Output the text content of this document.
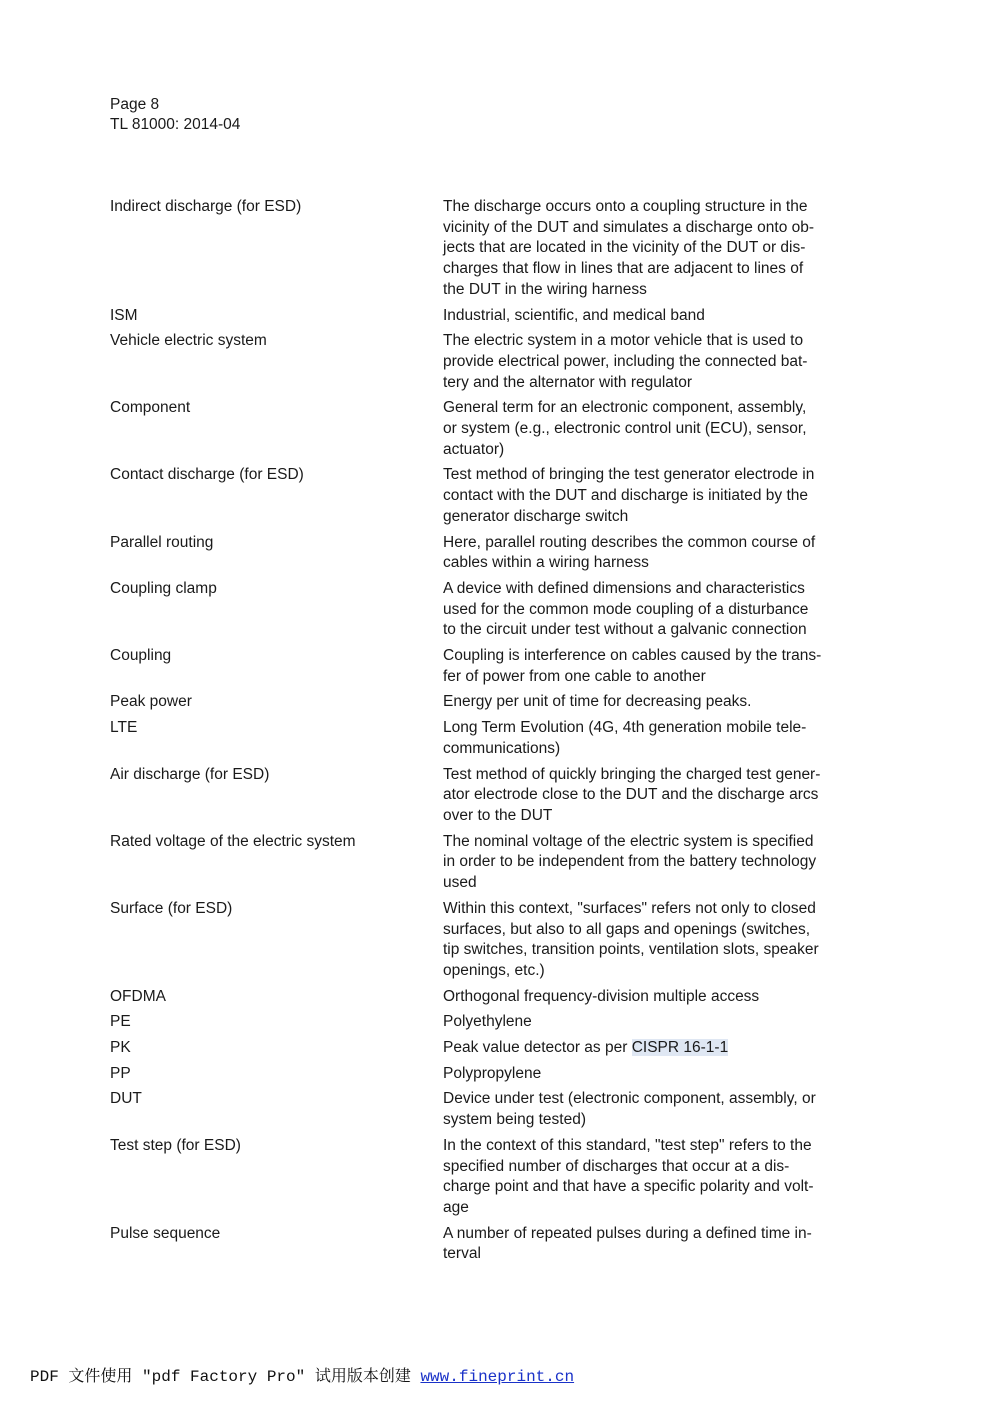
Page 8
TL 81000: 2014-04
Indirect discharge (for ESD)	The discharge occurs onto a coupling structure in the
vicinity of the DUT and simulates a discharge onto ob-
jects that are located in the vicinity of the DUT or dis-
charges that flow in lines that are adjacent to lines of
the DUT in the wiring harness
ISM	Industrial, scientific, and medical band
Vehicle electric system	The electric system in a motor vehicle that is used to
provide electrical power, including the connected bat-
tery and the alternator with regulator
Component	General term for an electronic component, assembly,
or system (e.g., electronic control unit (ECU), sensor,
actuator)
Contact discharge (for ESD)	Test method of bringing the test generator electrode in
contact with the DUT and discharge is initiated by the
generator discharge switch
Parallel routing	Here, parallel routing describes the common course of
cables within a wiring harness
Coupling clamp	A device with defined dimensions and characteristics
used for the common mode coupling of a disturbance
to the circuit under test without a galvanic connection
Coupling	Coupling is interference on cables caused by the trans-
fer of power from one cable to another
Peak power	Energy per unit of time for decreasing peaks.
LTE	Long Term Evolution (4G, 4th generation mobile tele-
communications)
Air discharge (for ESD)	Test method of quickly bringing the charged test gener-
ator electrode close to the DUT and the discharge arcs
over to the DUT
Rated voltage of the electric system	The nominal voltage of the electric system is specified
in order to be independent from the battery technology
used
Surface (for ESD)	Within this context, "surfaces" refers not only to closed
surfaces, but also to all gaps and openings (switches,
tip switches, transition points, ventilation slots, speaker
openings, etc.)
OFDMA	Orthogonal frequency-division multiple access
PE	Polyethylene
PK	Peak value detector as per CISPR 16-1-1
PP	Polypropylene
DUT	Device under test (electronic component, assembly, or
system being tested)
Test step (for ESD)	In the context of this standard, "test step" refers to the
specified number of discharges that occur at a dis-
charge point and that have a specific polarity and volt-
age
Pulse sequence	A number of repeated pulses during a defined time in-
terval
PDF 文件使用 "pdf Factory Pro" 试用版本创建 www.fineprint.cn
